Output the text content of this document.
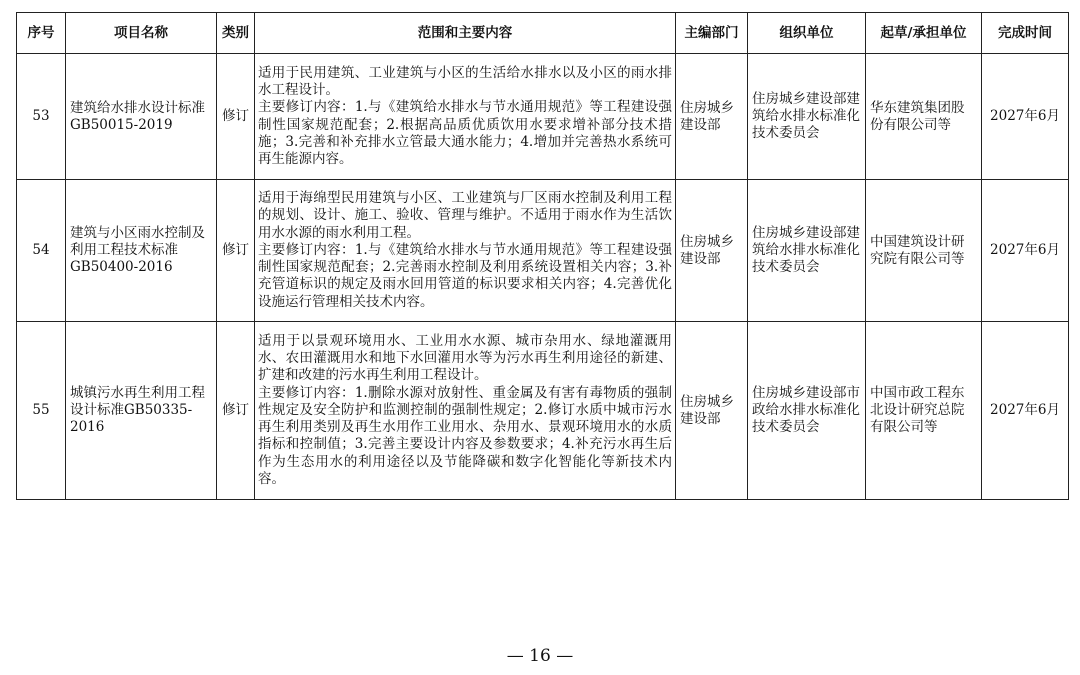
序号	项目名称	类别	范围和主要内容	主编部门	组织单位	起草/承担单位	完成时间
53	建筑给水排水设计标准GB50015-2019	修订	适用于民用建筑、工业建筑与小区的生活给水排水以及小区的雨水排水工程设计。
主要修订内容：1.与《建筑给水排水与节水通用规范》等工程建设强制性国家规范配套；2.根据高品质优质饮用水要求增补部分技术措施；3.完善和补充排水立管最大通水能力；4.增加并完善热水系统可再生能源内容。	住房城乡建设部	住房城乡建设部建筑给水排水标准化技术委员会	华东建筑集团股份有限公司等	2027年6月
54	建筑与小区雨水控制及利用工程技术标准GB50400-2016	修订	适用于海绵型民用建筑与小区、工业建筑与厂区雨水控制及利用工程的规划、设计、施工、验收、管理与维护。不适用于雨水作为生活饮用水水源的雨水利用工程。
主要修订内容：1.与《建筑给水排水与节水通用规范》等工程建设强制性国家规范配套；2.完善雨水控制及利用系统设置相关内容；3.补充管道标识的规定及雨水回用管道的标识要求相关内容；4.完善优化设施运行管理相关技术内容。	住房城乡建设部	住房城乡建设部建筑给水排水标准化技术委员会	中国建筑设计研究院有限公司等	2027年6月
55	城镇污水再生利用工程设计标准GB50335-2016	修订	适用于以景观环境用水、工业用水水源、城市杂用水、绿地灌溉用水、农田灌溉用水和地下水回灌用水等为污水再生利用途径的新建、扩建和改建的污水再生利用工程设计。
主要修订内容：1.删除水源对放射性、重金属及有害有毒物质的强制性规定及安全防护和监测控制的强制性规定；2.修订水质中城市污水再生利用类别及再生水用作工业用水、杂用水、景观环境用水的水质指标和控制值；3.完善主要设计内容及参数要求；4.补充污水再生后作为生态用水的利用途径以及节能降碳和数字化智能化等新技术内容。	住房城乡建设部	住房城乡建设部市政给水排水标准化技术委员会	中国市政工程东北设计研究总院有限公司等	2027年6月
— 16 —
